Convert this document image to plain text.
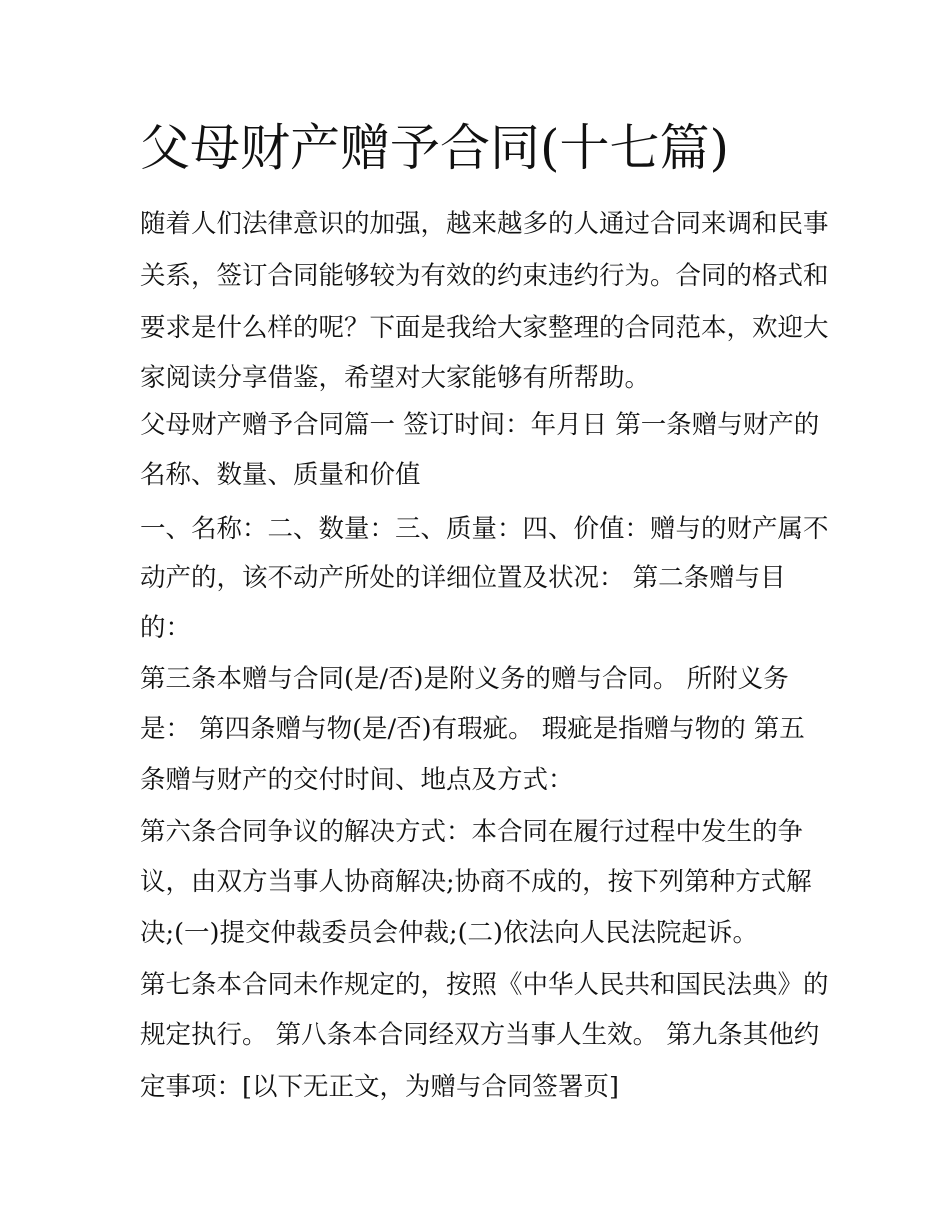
父母财产赠予合同(十七篇)

随着人们法律意识的加强，越来越多的人通过合同来调和民事

关系，签订合同能够较为有效的约束违约行为。合同的格式和

要求是什么样的呢？下面是我给大家整理的合同范本，欢迎大

家阅读分享借鉴，希望对大家能够有所帮助。

父母财产赠予合同篇一 签订时间：年月日 第一条赠与财产的

名称、数量、质量和价值

一、名称：二、数量：三、质量：四、价值：赠与的财产属不

动产的，该不动产所处的详细位置及状况： 第二条赠与目

的：

第三条本赠与合同(是/否)是附义务的赠与合同。 所附义务

是： 第四条赠与物(是/否)有瑕疵。 瑕疵是指赠与物的 第五

条赠与财产的交付时间、地点及方式：

第六条合同争议的解决方式：本合同在履行过程中发生的争

议，由双方当事人协商解决;协商不成的，按下列第种方式解

决;(一)提交仲裁委员会仲裁;(二)依法向人民法院起诉。

第七条本合同未作规定的，按照《中华人民共和国民法典》的

规定执行。 第八条本合同经双方当事人生效。 第九条其他约

定事项：[以下无正文，为赠与合同签署页]
